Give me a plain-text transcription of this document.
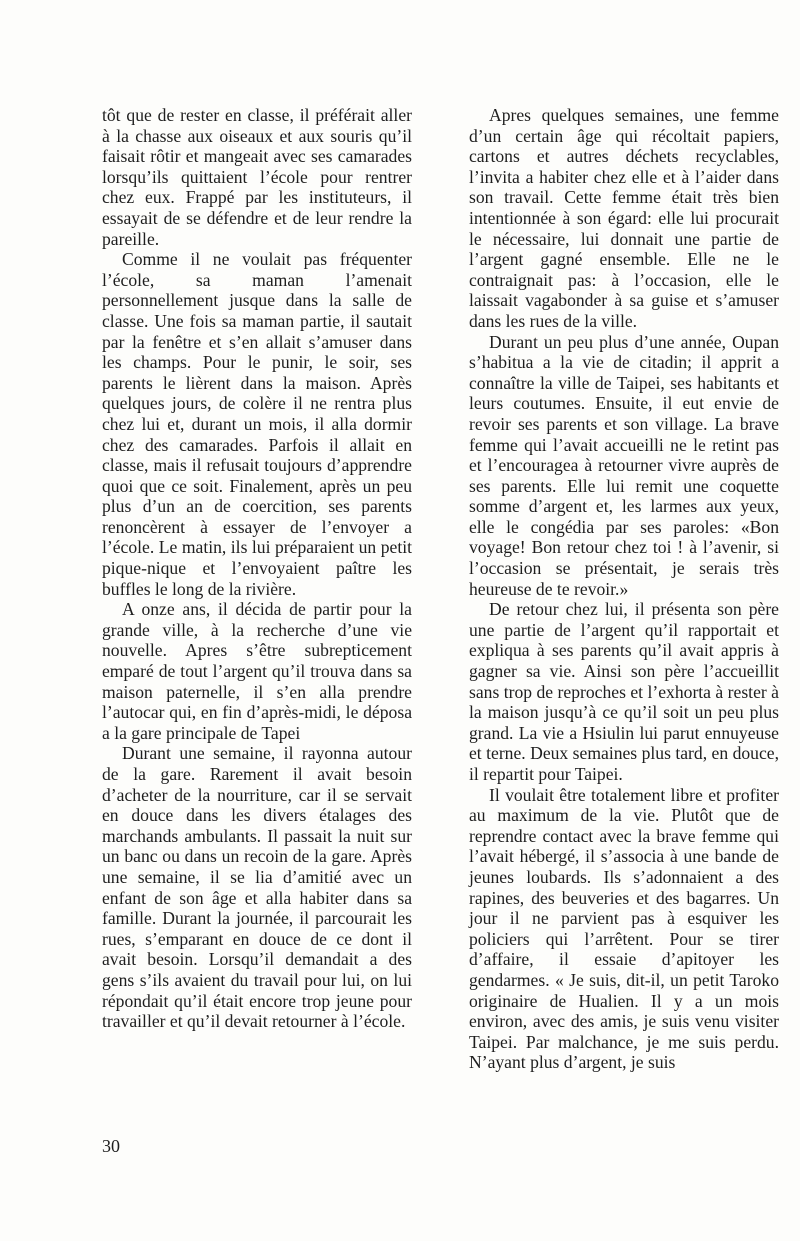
tôt que de rester en classe, il préférait aller à la chasse aux oiseaux et aux souris qu’il faisait rôtir et mangeait avec ses camarades lorsqu’ils quittaient l’école pour rentrer chez eux. Frappé par les instituteurs, il essayait de se défendre et de leur rendre la pareille.

Comme il ne voulait pas fréquenter l’école, sa maman l’amenait personnellement jusque dans la salle de classe. Une fois sa maman partie, il sautait par la fenêtre et s’en allait s’amuser dans les champs. Pour le punir, le soir, ses parents le lièrent dans la maison. Après quelques jours, de colère il ne rentra plus chez lui et, durant un mois, il alla dormir chez des camarades. Parfois il allait en classe, mais il refusait toujours d’apprendre quoi que ce soit. Finalement, après un peu plus d’un an de coercition, ses parents renoncèrent à essayer de l’envoyer a l’école. Le matin, ils lui préparaient un petit pique-nique et l’envoyaient paître les buffles le long de la rivière.

A onze ans, il décida de partir pour la grande ville, à la recherche d’une vie nouvelle. Apres s’être subrepticement emparé de tout l’argent qu’il trouva dans sa maison paternelle, il s’en alla prendre l’autocar qui, en fin d’après-midi, le déposa a la gare principale de Tapei

Durant une semaine, il rayonna autour de la gare. Rarement il avait besoin d’acheter de la nourriture, car il se servait en douce dans les divers étalages des marchands ambulants. Il passait la nuit sur un banc ou dans un recoin de la gare. Après une semaine, il se lia d’amitié avec un enfant de son âge et alla habiter dans sa famille. Durant la journée, il parcourait les rues, s’emparant en douce de ce dont il avait besoin. Lorsqu’il demandait a des gens s’ils avaient du travail pour lui, on lui répondait qu’il était encore trop jeune pour travailler et qu’il devait retourner à l’école.

Apres quelques semaines, une femme d’un certain âge qui récoltait papiers, cartons et autres déchets recyclables, l’invita a habiter chez elle et à l’aider dans son travail. Cette femme était très bien intentionnée à son égard: elle lui procurait le nécessaire, lui donnait une partie de l’argent gagné ensemble. Elle ne le contraignait pas: à l’occasion, elle le laissait vagabonder à sa guise et s’amuser dans les rues de la ville.

Durant un peu plus d’une année, Oupan s’habitua a la vie de citadin; il apprit a connaître la ville de Taipei, ses habitants et leurs coutumes. Ensuite, il eut envie de revoir ses parents et son village. La brave femme qui l’avait accueilli ne le retint pas et l’encouragea à retourner vivre auprès de ses parents. Elle lui remit une coquette somme d’argent et, les larmes aux yeux, elle le congédia par ses paroles: «Bon voyage! Bon retour chez toi ! à l’avenir, si l’occasion se présentait, je serais très heureuse de te revoir.»

De retour chez lui, il présenta son père une partie de l’argent qu’il rapportait et expliqua à ses parents qu’il avait appris à gagner sa vie. Ainsi son père l’accueillit sans trop de reproches et l’exhorta à rester à la maison jusqu’à ce qu’il soit un peu plus grand. La vie a Hsiulin lui parut ennuyeuse et terne. Deux semaines plus tard, en douce, il repartit pour Taipei.

Il voulait être totalement libre et profiter au maximum de la vie. Plutôt que de reprendre contact avec la brave femme qui l’avait hébergé, il s’associa à une bande de jeunes loubards. Ils s’adonnaient a des rapines, des beuveries et des bagarres. Un jour il ne parvient pas à esquiver les policiers qui l’arrêtent. Pour se tirer d’affaire, il essaie d’apitoyer les gendarmes. « Je suis, dit-il, un petit Taroko originaire de Hualien. Il y a un mois environ, avec des amis, je suis venu visiter Taipei. Par malchance, je me suis perdu. N’ayant plus d’argent, je suis

30
